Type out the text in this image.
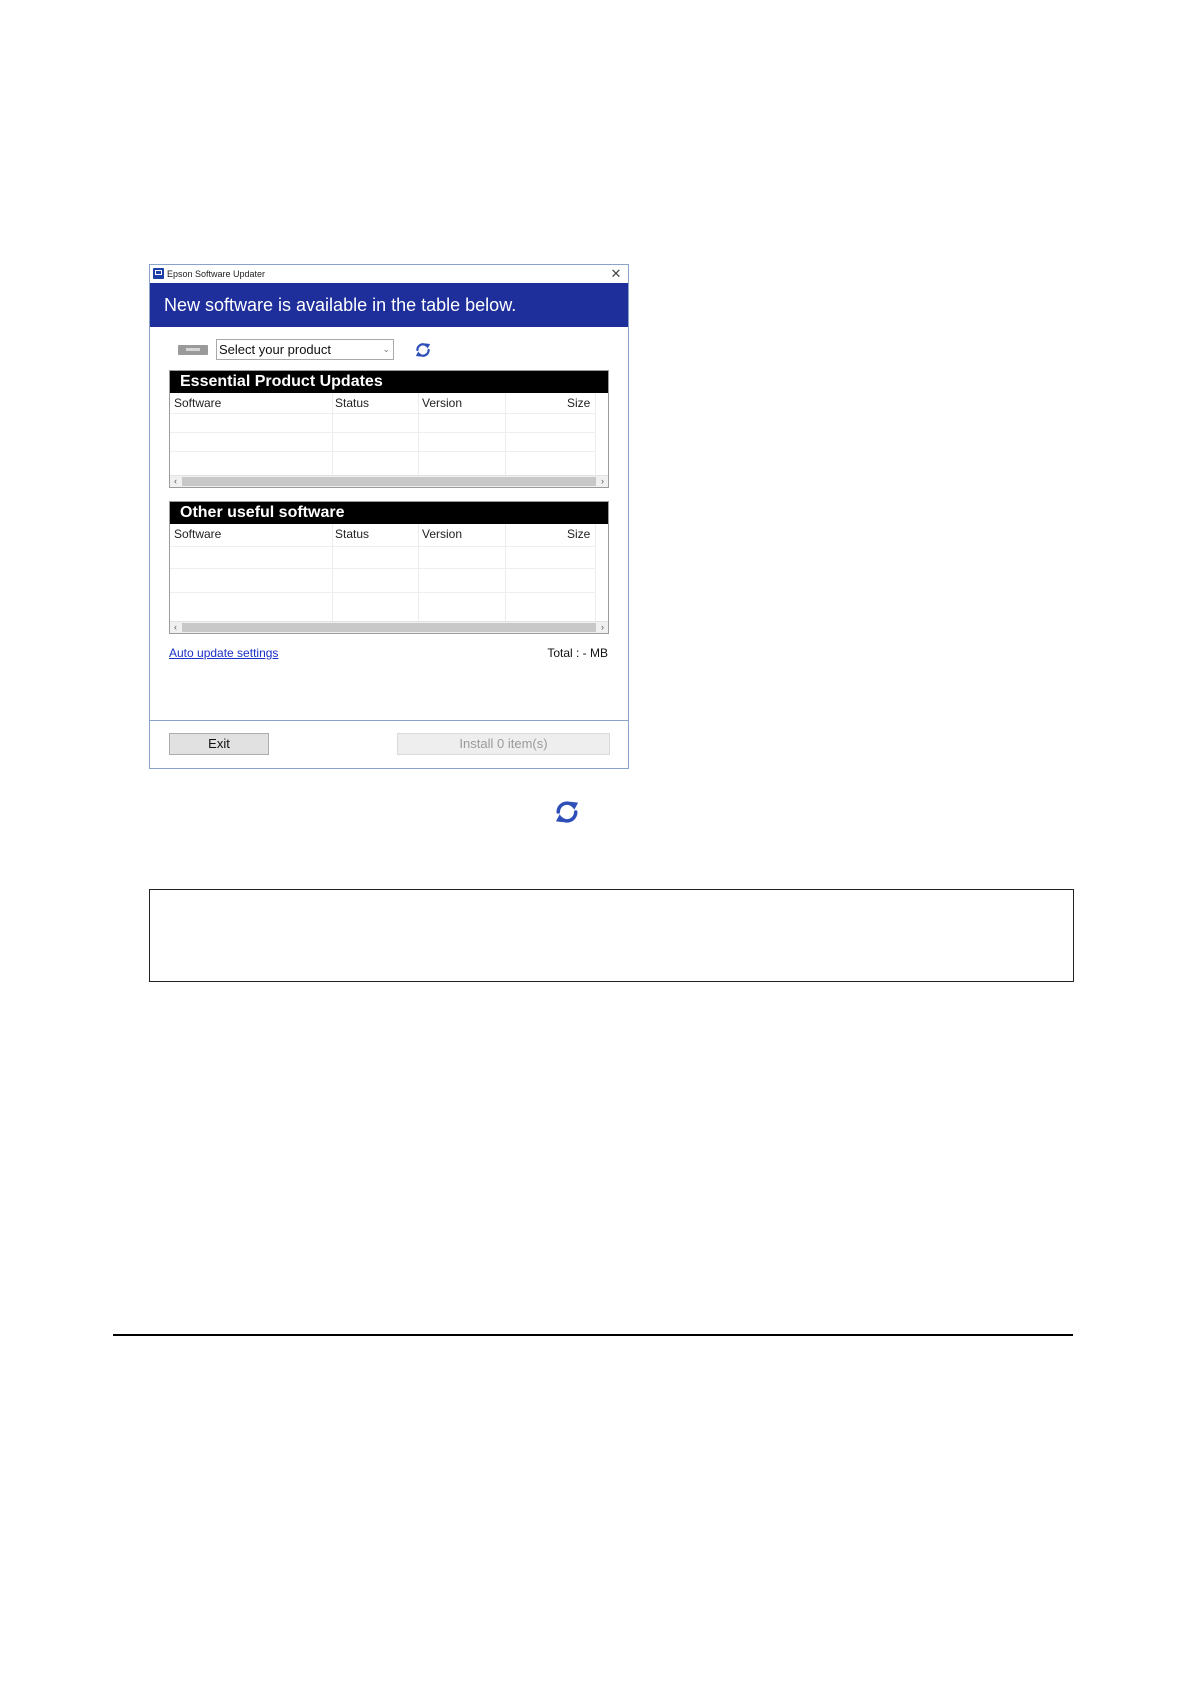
Epson Software Updater	✕
New software is available in the table below.
Select your product	⌄
Essential Product Updates
Software	Status	Version	Size
‹	›
Other useful software
Software	Status	Version	Size
‹	›
Auto update settings	Total : - MB
Exit	Install 0 item(s)
